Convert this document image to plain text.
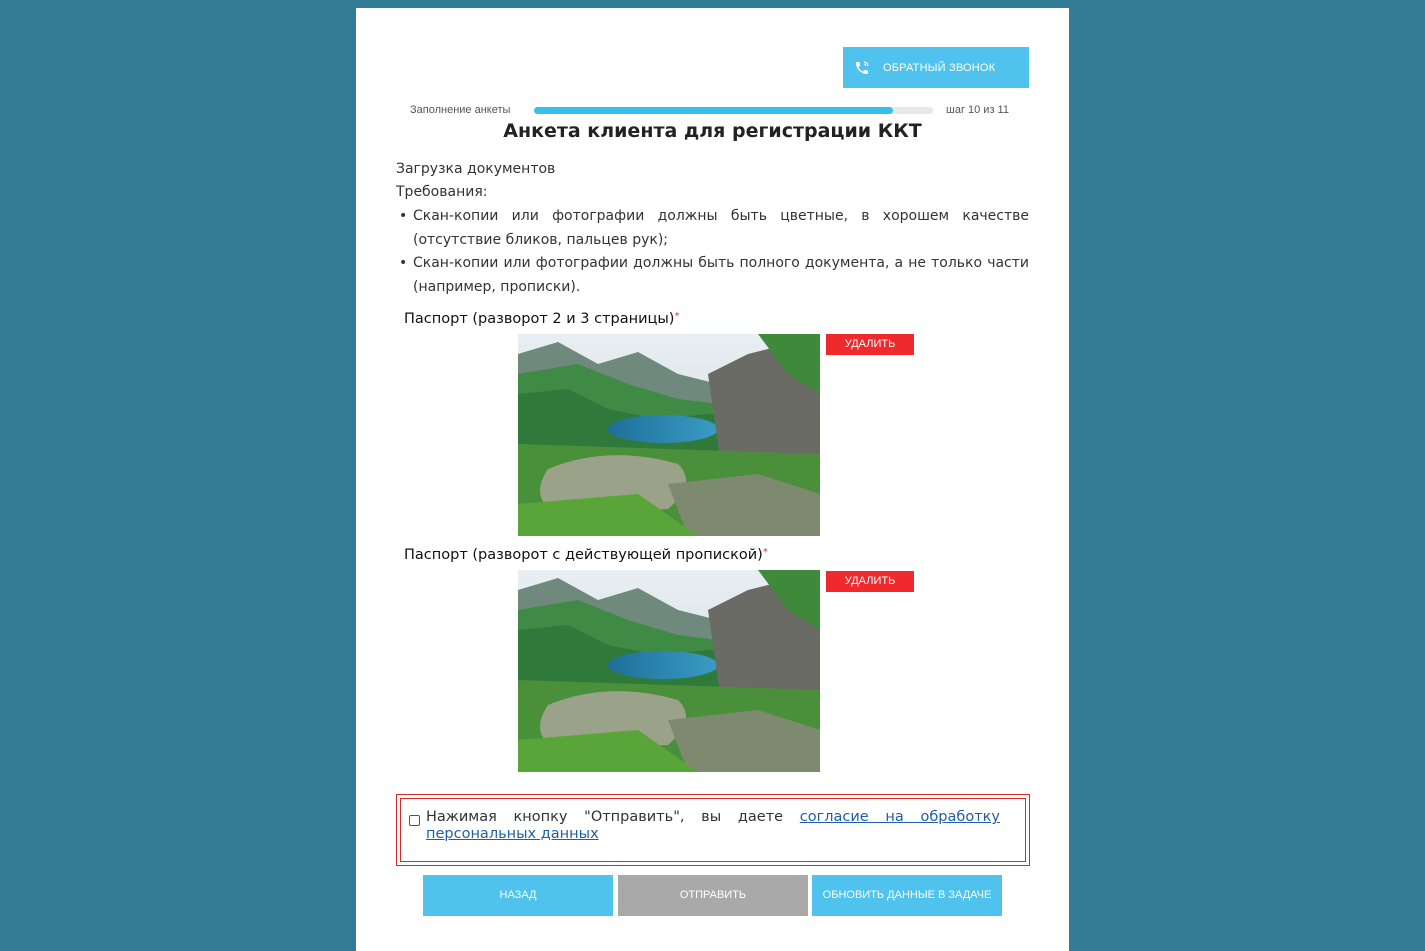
ОБРАТНЫЙ ЗВОНОК
Заполнение анкеты	шаг 10 из 11
Анкета клиента для регистрации ККТ
Загрузка документов
Требования:
• Скан-копии или фотографии должны быть цветные, в хорошем качестве (отсутствие бликов, пальцев рук);
• Скан-копии или фотографии должны быть полного документа, а не только части (например, прописки).
Паспорт (разворот 2 и 3 страницы)*
УДАЛИТЬ
Паспорт (разворот с действующей пропиской)*
УДАЛИТЬ
Нажимая кнопку "Отправить", вы даете согласие на обработку персональных данных
НАЗАД	ОТПРАВИТЬ	ОБНОВИТЬ ДАННЫЕ В ЗАДАЧЕ
